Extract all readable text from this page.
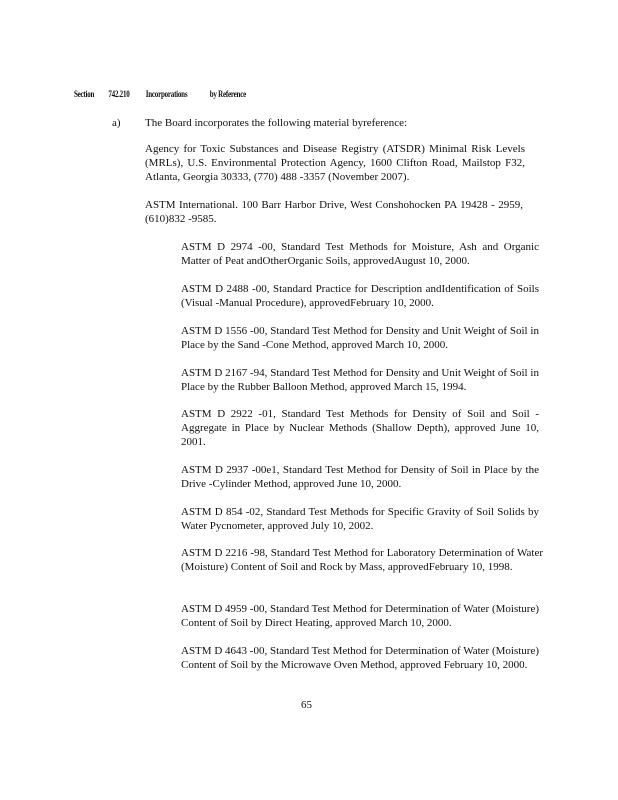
Section 742.210 Incorporations by Reference
a) The Board incorporates the following material byreference:
Agency for Toxic Substances and Disease Registry (ATSDR) Minimal Risk Levels (MRLs), U.S. Environmental Protection Agency, 1600 Clifton Road, Mailstop F32, Atlanta, Georgia 30333, (770) 488 -3357 (November 2007).
ASTM International. 100 Barr Harbor Drive, West Conshohocken PA 19428 - 2959, (610)832 -9585.
ASTM D 2974 -00, Standard Test Methods for Moisture, Ash and Organic Matter of Peat andOtherOrganic Soils, approvedAugust 10, 2000.
ASTM D 2488 -00, Standard Practice for Description andIdentification of Soils (Visual -Manual Procedure), approvedFebruary 10, 2000.
ASTM D 1556 -00, Standard Test Method for Density and Unit Weight of Soil in Place by the Sand -Cone Method, approved March 10, 2000.
ASTM D 2167 -94, Standard Test Method for Density and Unit Weight of Soil in Place by the Rubber Balloon Method, approved March 15, 1994.
ASTM D 2922 -01, Standard Test Methods for Density of Soil and Soil - Aggregate in Place by Nuclear Methods (Shallow Depth), approved June 10, 2001.
ASTM D 2937 -00e1, Standard Test Method for Density of Soil in Place by the Drive -Cylinder Method, approved June 10, 2000.
ASTM D 854 -02, Standard Test Methods for Specific Gravity of Soil Solids by Water Pycnometer, approved July 10, 2002.
ASTM D 2216 -98, Standard Test Method for Laboratory Determination of Water (Moisture) Content of Soil and Rock by Mass, approvedFebruary 10, 1998.
ASTM D 4959 -00, Standard Test Method for Determination of Water (Moisture) Content of Soil by Direct Heating, approved March 10, 2000.
ASTM D 4643 -00, Standard Test Method for Determination of Water (Moisture) Content of Soil by the Microwave Oven Method, approved February 10, 2000.
65
